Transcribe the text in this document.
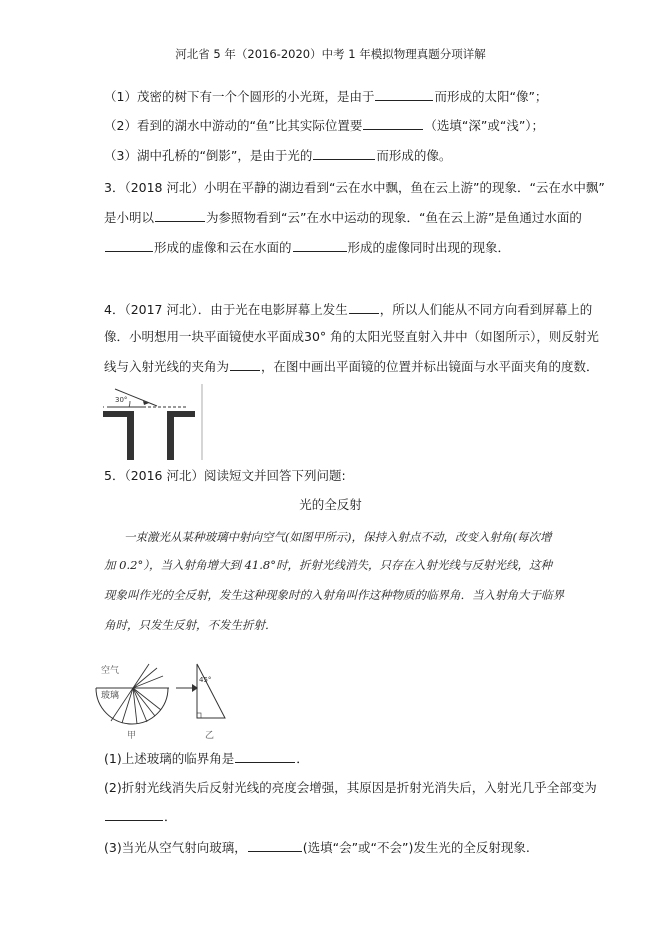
河北省 5 年（2016-2020）中考 1 年模拟物理真题分项详解
（1）茂密的树下有一个个圆形的小光斑，是由于	而形成的太阳“像”；
（2）看到的湖水中游动的“鱼”比其实际位置要	（选填“深”或“浅”）；
（3）湖中孔桥的“倒影”，是由于光的	而形成的像。
3．（2018 河北）小明在平静的湖边看到“云在水中飘，鱼在云上游”的现象．“云在水中飘”
是小明以	为参照物看到“云”在水中运动的现象．“鱼在云上游”是鱼通过水面的
形成的虚像和云在水面的	形成的虚像同时出现的现象．
4．（2017 河北）．由于光在电影屏幕上发生	，所以人们能从不同方向看到屏幕上的
像．小明想用一块平面镜使水平面成30° 角的太阳光竖直射入井中（如图所示），则反射光
线与入射光线的夹角为	，在图中画出平面镜的位置并标出镜面与水平面夹角的度数．
30°
5．（2016 河北）阅读短文并回答下列问题:
光的全反射
一束激光从某种玻璃中射向空气(如图甲所示)，保持入射点不动，改变入射角(每次增
加 0.2°），当入射角增大到 41.8°时，折射光线消失，只存在入射光线与反射光线，这种
现象叫作光的全反射，发生这种现象时的入射角叫作这种物质的临界角．当入射角大于临界
角时，只发生反射，不发生折射．
空气
玻璃
45°
甲	乙
(1)上述玻璃的临界角是	．
(2)折射光线消失后反射光线的亮度会增强，其原因是折射光消失后，入射光几乎全部变为
．
(3)当光从空气射向玻璃，	(选填“会”或“不会”)发生光的全反射现象.
